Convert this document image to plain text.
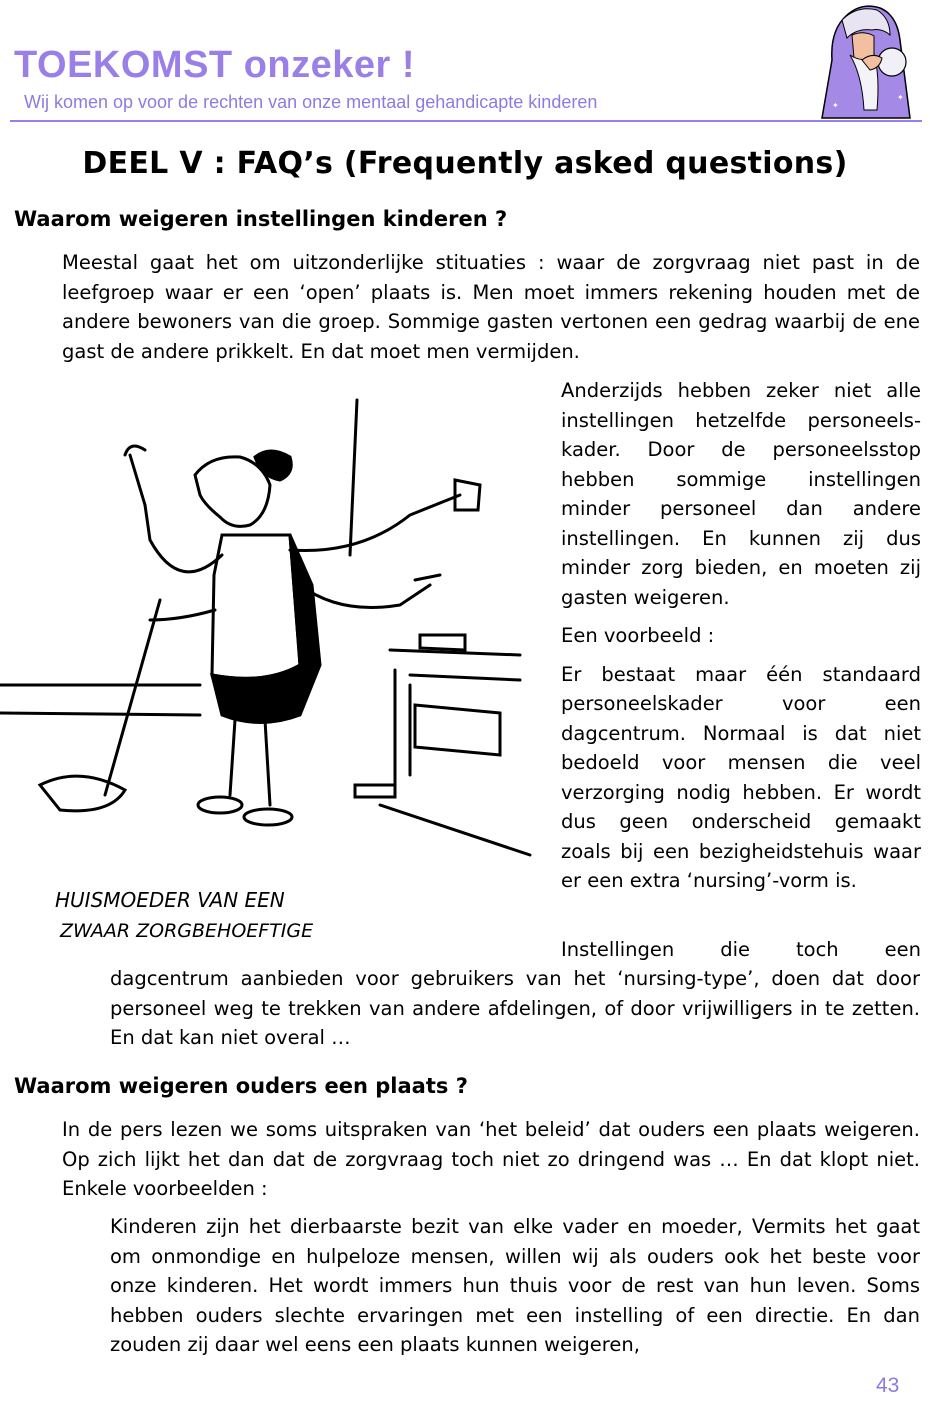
TOEKOMST onzeker !
Wij komen op voor de rechten van onze mentaal gehandicapte kinderen	✦
✦
DEEL V : FAQ’s (Frequently asked questions)
Waarom weigeren instellingen kinderen ?
Meestal gaat het om uitzonderlijke stituaties : waar de zorgvraag niet past in de leefgroep waar er een ‘open’ plaats is. Men moet immers rekening houden met de andere bewoners van die groep. Sommige gasten vertonen een gedrag waarbij de ene gast de andere prikkelt. En dat moet men vermijden.
HUISMOEDER VAN EEN
ZWAAR ZORGBEHOEFTIGE

Anderzijds hebben zeker niet alle instellingen hetzelfde personeels-kader. Door de personeelsstop hebben sommige instellingen minder personeel dan andere instellingen. En kunnen zij dus minder zorg bieden, en moeten zij gasten weigeren.

Een voorbeeld :

Er bestaat maar één standaard personeelskader voor een dagcentrum. Normaal is dat niet bedoeld voor mensen die veel verzorging nodig hebben. Er wordt dus geen onderscheid gemaakt zoals bij een bezigheidstehuis waar er een extra ‘nursing’-vorm is.

Instellingen die toch een
dagcentrum aanbieden voor gebruikers van het ‘nursing-type’, doen dat door personeel weg te trekken van andere afdelingen, of door vrijwilligers in te zetten. En dat kan niet overal …
Waarom weigeren ouders een plaats ?
In de pers lezen we soms uitspraken van ‘het beleid’ dat ouders een plaats weigeren. Op zich lijkt het dan dat de zorgvraag toch niet zo dringend was … En dat klopt niet. Enkele voorbeelden :
Kinderen zijn het dierbaarste bezit van elke vader en moeder, Vermits het gaat om onmondige en hulpeloze mensen, willen wij als ouders ook het beste voor onze kinderen. Het wordt immers hun thuis voor de rest van hun leven. Soms hebben ouders slechte ervaringen met een instelling of een directie. En dan zouden zij daar wel eens een plaats kunnen weigeren,
43
